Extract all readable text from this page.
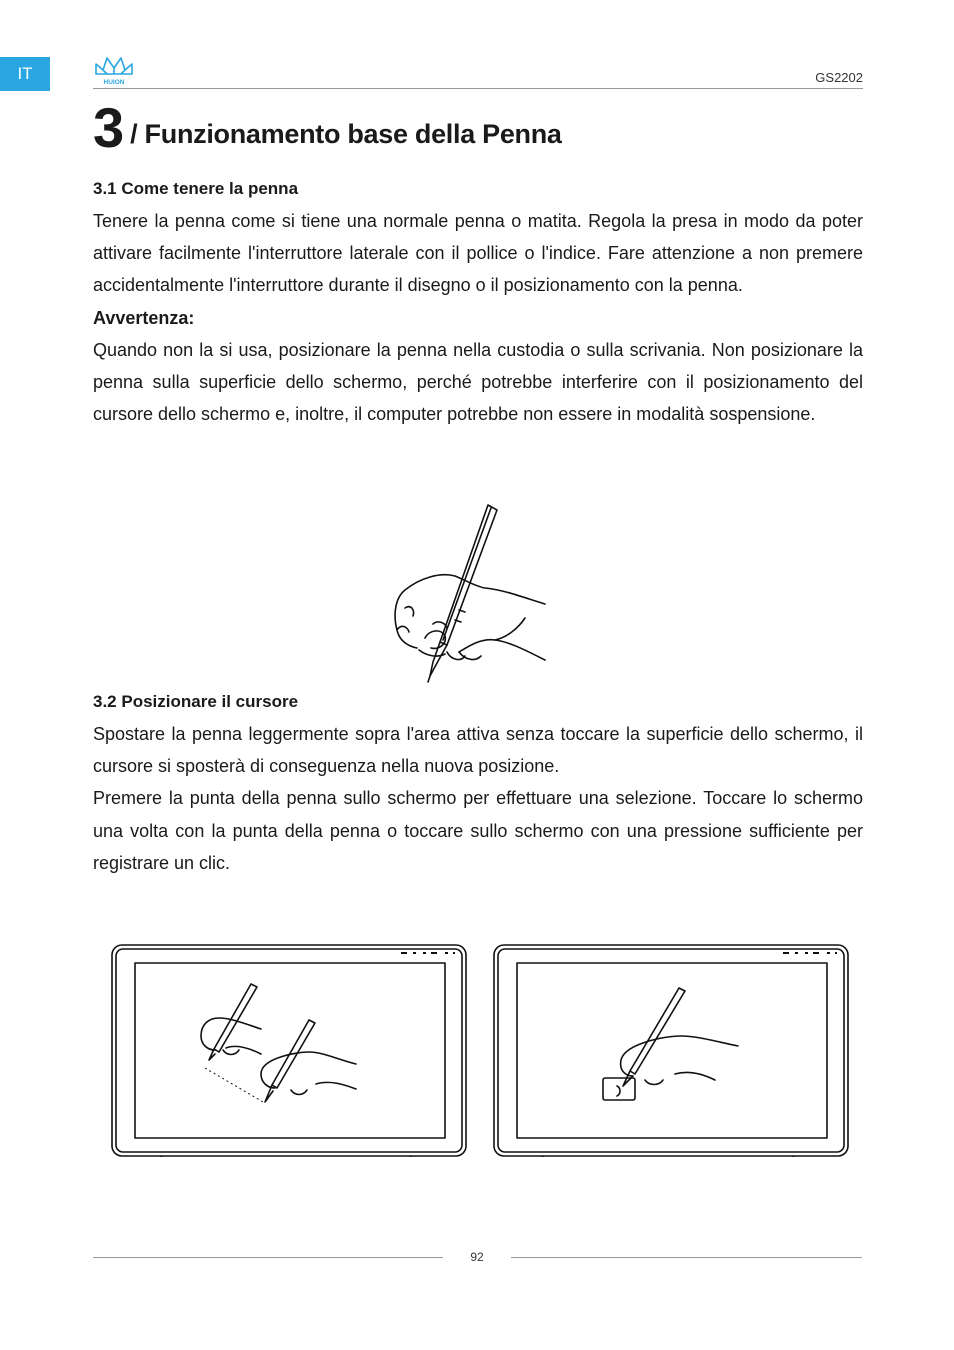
IT	HUION	GS2202
3 / Funzionamento base della Penna
3.1 Come tenere la penna

Tenere la penna come si tiene una normale penna o matita. Regola la presa in modo da poter attivare facilmente l'interruttore laterale con il pollice o l'indice. Fare attenzione a non premere accidentalmente l'interruttore durante il disegno o il posizionamento con la penna.

Avvertenza:

Quando non la si usa, posizionare la penna nella custodia o sulla scrivania. Non posizionare la penna sulla superficie dello schermo, perché potrebbe interferire con il posizionamento del cursore dello schermo e, inoltre, il computer potrebbe non essere in modalità sospensione.

3.2 Posizionare il cursore

Spostare la penna leggermente sopra l'area attiva senza toccare la superficie dello schermo, il cursore si sposterà di conseguenza nella nuova posizione.

Premere la punta della penna sullo schermo per effettuare una selezione. Toccare lo schermo una volta con la punta della penna o toccare sullo schermo con una pressione sufficiente per registrare un clic.

92
